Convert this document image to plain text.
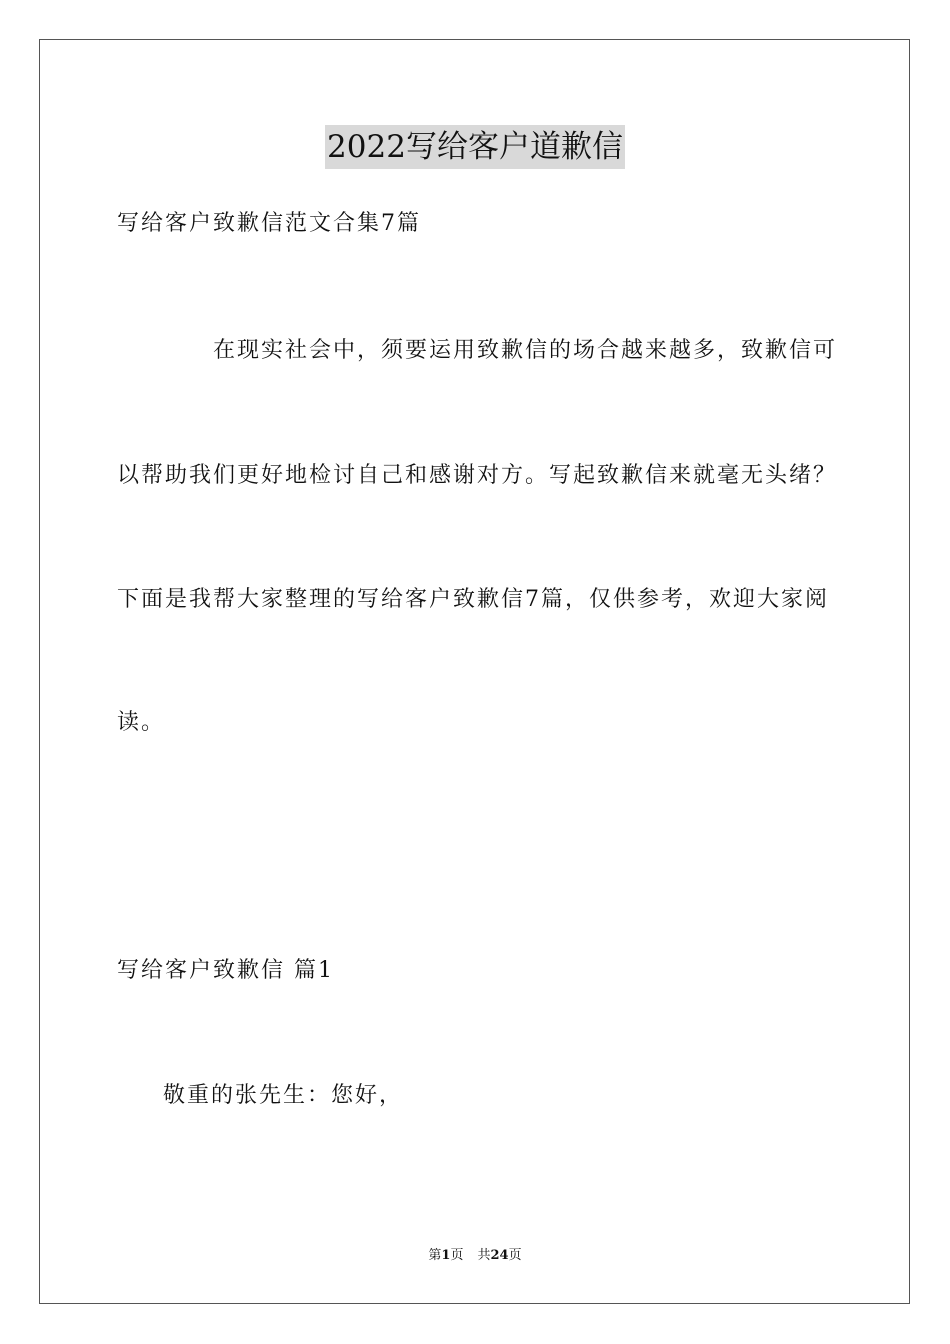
2022写给客户道歉信
写给客户致歉信范文合集7篇
在现实社会中，须要运用致歉信的场合越来越多，致歉信可
以帮助我们更好地检讨自己和感谢对方。写起致歉信来就毫无头绪？
下面是我帮大家整理的写给客户致歉信7篇，仅供参考，欢迎大家阅
读。
写给客户致歉信 篇1
敬重的张先生：您好，
第1页 共24页
